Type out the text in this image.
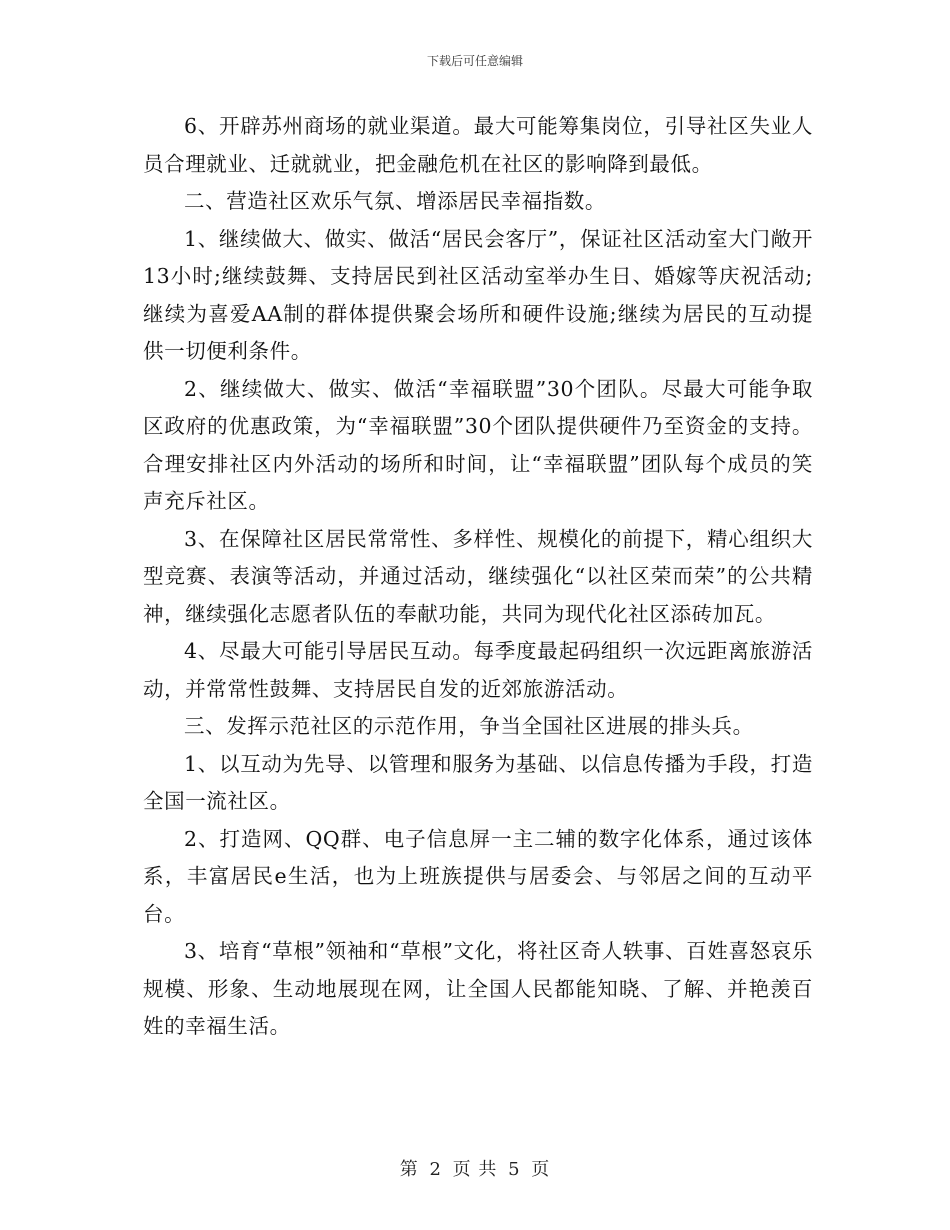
下载后可任意编辑

6、开辟苏州商场的就业渠道。最大可能筹集岗位，引导社区失业人员合理就业、迁就就业，把金融危机在社区的影响降到最低。

二、营造社区欢乐气氛、增添居民幸福指数。

1、继续做大、做实、做活“居民会客厅”，保证社区活动室大门敞开13小时;继续鼓舞、支持居民到社区活动室举办生日、婚嫁等庆祝活动;继续为喜爱AA制的群体提供聚会场所和硬件设施;继续为居民的互动提供一切便利条件。

2、继续做大、做实、做活“幸福联盟”30个团队。尽最大可能争取区政府的优惠政策，为“幸福联盟”30个团队提供硬件乃至资金的支持。合理安排社区内外活动的场所和时间，让“幸福联盟”团队每个成员的笑声充斥社区。

3、在保障社区居民常常性、多样性、规模化的前提下，精心组织大型竞赛、表演等活动，并通过活动，继续强化“以社区荣而荣”的公共精神，继续强化志愿者队伍的奉献功能，共同为现代化社区添砖加瓦。

4、尽最大可能引导居民互动。每季度最起码组织一次远距离旅游活动，并常常性鼓舞、支持居民自发的近郊旅游活动。

三、发挥示范社区的示范作用，争当全国社区进展的排头兵。

1、以互动为先导、以管理和服务为基础、以信息传播为手段，打造全国一流社区。

2、打造网、QQ群、电子信息屏一主二辅的数字化体系，通过该体系，丰富居民e生活，也为上班族提供与居委会、与邻居之间的互动平台。

3、培育“草根”领袖和“草根”文化，将社区奇人轶事、百姓喜怒哀乐规模、形象、生动地展现在网，让全国人民都能知晓、了解、并艳羡百姓的幸福生活。

第 2 页 共 5 页
